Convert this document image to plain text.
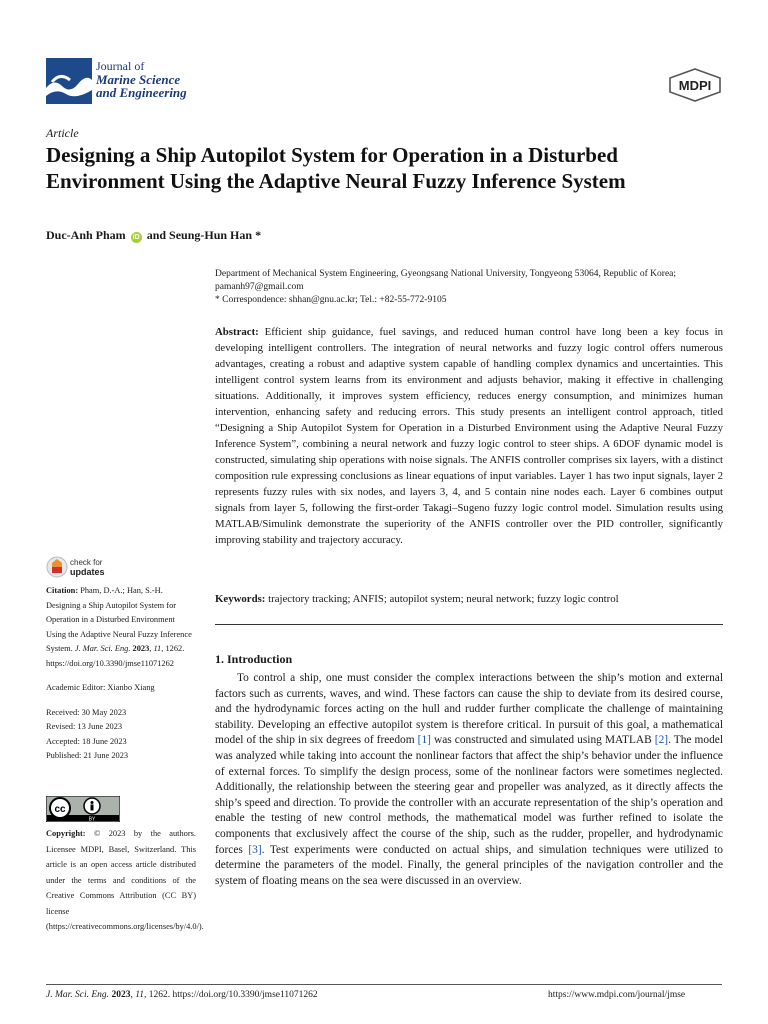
Journal of
Marine Science
and Engineering	MDPI
Article
Designing a Ship Autopilot System for Operation in a Disturbed Environment Using the Adaptive Neural Fuzzy Inference System
Duc-Anh Pham iD and Seung-Hun Han *
Department of Mechanical System Engineering, Gyeongsang National University, Tongyeong 53064, Republic of Korea;
pamanh97@gmail.com
* Correspondence: shhan@gnu.ac.kr; Tel.: +82-55-772-9105
Abstract: Efficient ship guidance, fuel savings, and reduced human control have long been a key focus in developing intelligent controllers. The integration of neural networks and fuzzy logic control offers numerous advantages, creating a robust and adaptive system capable of handling complex dynamics and uncertainties. This intelligent control system learns from its environment and adjusts behavior, making it effective in challenging situations. Additionally, it improves system efficiency, reduces energy consumption, and minimizes human intervention, enhancing safety and reducing errors. This study presents an intelligent control approach, titled “Designing a Ship Autopilot System for Operation in a Disturbed Environment using the Adaptive Neural Fuzzy Inference System”, combining a neural network and fuzzy logic control to steer ships. A 6DOF dynamic model is constructed, simulating ship operations with noise signals. The ANFIS controller comprises six layers, with a distinct composition rule expressing conclusions as linear equations of input variables. Layer 1 has two input signals, layer 2 represents fuzzy rules with six nodes, and layers 3, 4, and 5 contain nine nodes each. Layer 6 combines output signals from layer 5, following the first-order Takagi–Sugeno fuzzy logic control model. Simulation results using MATLAB/Simulink demonstrate the superiority of the ANFIS controller over the PID controller, significantly improving stability and trajectory accuracy.
Keywords: trajectory tracking; ANFIS; autopilot system; neural network; fuzzy logic control
1. Introduction
To control a ship, one must consider the complex interactions between the ship’s motion and external factors such as currents, waves, and wind. These factors can cause the ship to deviate from its desired course, and the hydrodynamic forces acting on the hull and rudder further complicate the challenge of maintaining stability. Developing an effective autopilot system is therefore critical. In pursuit of this goal, a mathematical model of the ship in six degrees of freedom [1] was constructed and simulated using MATLAB [2]. The model was analyzed while taking into account the nonlinear factors that affect the ship’s behavior under the influence of external forces. To simplify the design process, some of the nonlinear factors were sometimes neglected. Additionally, the relationship between the steering gear and propeller was analyzed, as it directly affects the ship’s speed and direction. To provide the controller with an accurate representation of the ship’s operation and enable the testing of new control methods, the mathematical model was further refined to isolate the components that exclusively affect the course of the ship, such as the rudder, propeller, and hydrodynamic forces [3]. Test experiments were conducted on actual ships, and simulation techniques were utilized to determine the parameters of the model. Finally, the general principles of the navigation controller and the system of floating means on the sea were discussed in an overview.
check for
updates

Citation: Pham, D.-A.; Han, S.-H. Designing a Ship Autopilot System for Operation in a Disturbed Environment Using the Adaptive Neural Fuzzy Inference System. J. Mar. Sci. Eng. 2023, 11, 1262. https://doi.org/10.3390/jmse11071262

Academic Editor: Xianbo Xiang

Received: 30 May 2023
Revised: 13 June 2023
Accepted: 18 June 2023
Published: 21 June 2023

cc
BY
Copyright: © 2023 by the authors. Licensee MDPI, Basel, Switzerland. This article is an open access article distributed under the terms and conditions of the Creative Commons Attribution (CC BY) license (https://creativecommons.org/licenses/by/4.0/).
J. Mar. Sci. Eng. 2023, 11, 1262. https://doi.org/10.3390/jmse11071262	https://www.mdpi.com/journal/jmse
